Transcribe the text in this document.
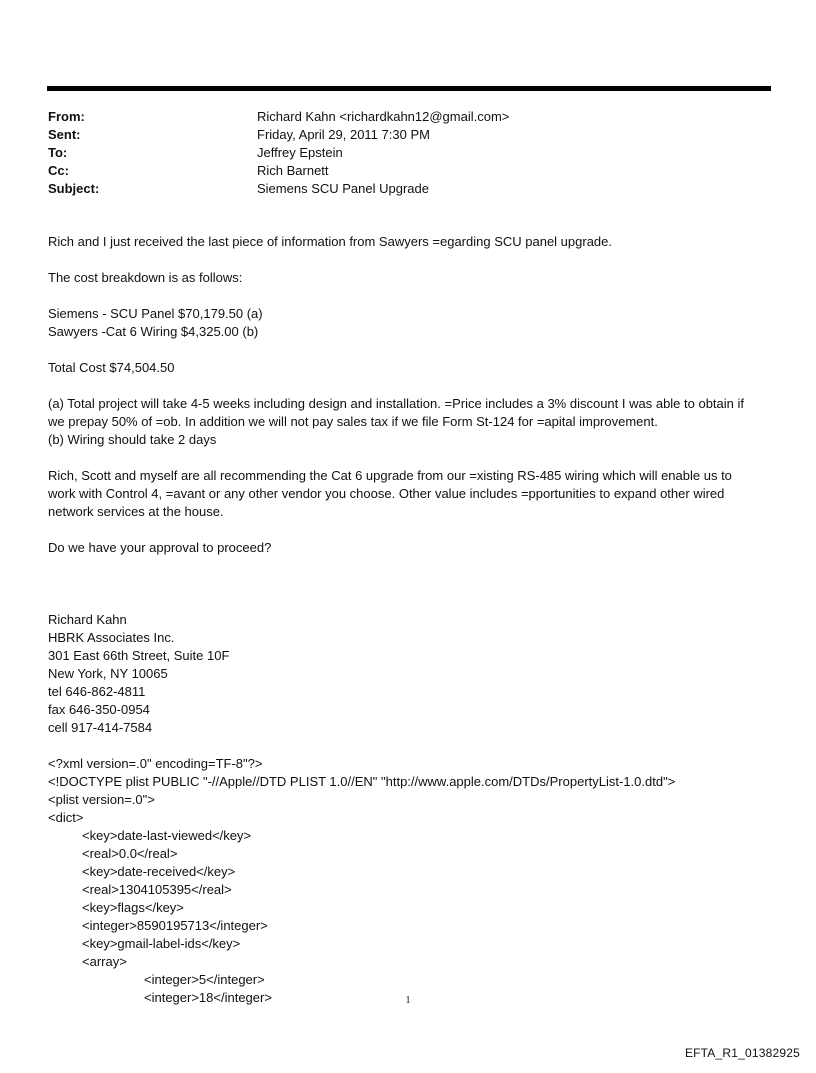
From:	Richard Kahn <richardkahn12@gmail.com>
Sent:	Friday, April 29, 2011 7:30 PM
To:	Jeffrey Epstein
Cc:	Rich Barnett
Subject:	Siemens SCU Panel Upgrade

Rich and I just received the last piece of information from Sawyers =egarding SCU panel upgrade.

The cost breakdown is as follows:

Siemens - SCU Panel $70,179.50 (a)

Sawyers -Cat 6 Wiring $4,325.00 (b)

Total Cost $74,504.50

(a) Total project will take 4-5 weeks including design and installation. =Price includes a 3% discount I was able to obtain if

we prepay 50% of =ob. In addition we will not pay sales tax if we file Form St-124 for =apital improvement.

(b) Wiring should take 2 days

Rich, Scott and myself are all recommending the Cat 6 upgrade from our =xisting RS-485 wiring which will enable us to

work with Control 4, =avant or any other vendor you choose. Other value includes =pportunities to expand other wired

network services at the house.

Do we have your approval to proceed?

Richard Kahn

HBRK Associates Inc.

301 East 66th Street, Suite 10F

New York, NY 10065

tel 646-862-4811

fax 646-350-0954

cell 917-414-7584

<?xml version=.0" encoding=TF-8"?>

<!DOCTYPE plist PUBLIC "-//Apple//DTD PLIST 1.0//EN" "http://www.apple.com/DTDs/PropertyList-1.0.dtd">

<plist version=.0">

<dict>

<key>date-last-viewed</key>

<real>0.0</real>

<key>date-received</key>

<real>1304105395</real>

<key>flags</key>

<integer>8590195713</integer>

<key>gmail-label-ids</key>

<array>

<integer>5</integer>

<integer>18</integer>	1
EFTA_R1_01382925
